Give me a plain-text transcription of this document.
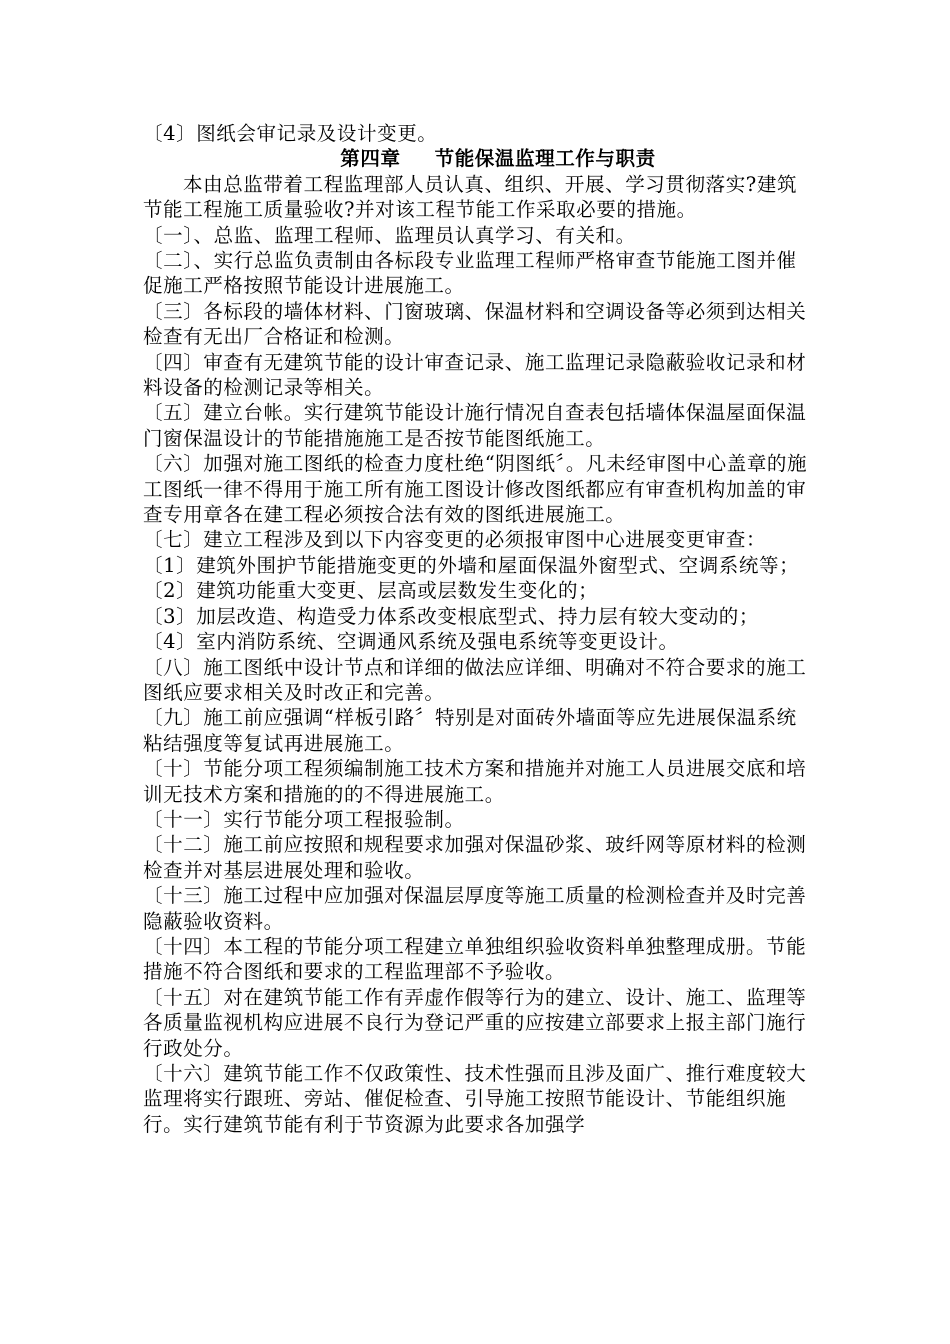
〔4〕图纸会审记录及设计变更。
第四章 节能保温监理工作与职责
本由总监带着工程监理部人员认真、组织、开展、学习贯彻落实?建筑节能工程施工质量验收?并对该工程节能工作采取必要的措施。
〔一〕、总监、监理工程师、监理员认真学习、有关和。
〔二〕、实行总监负责制由各标段专业监理工程师严格审查节能施工图并催促施工严格按照节能设计进展施工。
〔三〕各标段的墙体材料、门窗玻璃、保温材料和空调设备等必须到达相关检查有无出厂合格证和检测。
〔四〕审查有无建筑节能的设计审查记录、施工监理记录隐蔽验收记录和材料设备的检测记录等相关。
〔五〕建立台帐。实行建筑节能设计施行情况自查表包括墙体保温屋面保温门窗保温设计的节能措施施工是否按节能图纸施工。
〔六〕加强对施工图纸的检查力度杜绝“阴图纸〞。凡未经审图中心盖章的施工图纸一律不得用于施工所有施工图设计修改图纸都应有审查机构加盖的审查专用章各在建工程必须按合法有效的图纸进展施工。
〔七〕建立工程涉及到以下内容变更的必须报审图中心进展变更审查：
〔1〕建筑外围护节能措施变更的外墙和屋面保温外窗型式、空调系统等；
〔2〕建筑功能重大变更、层高或层数发生变化的；
〔3〕加层改造、构造受力体系改变根底型式、持力层有较大变动的；
〔4〕室内消防系统、空调通风系统及强电系统等变更设计。
〔八〕施工图纸中设计节点和详细的做法应详细、明确对不符合要求的施工图纸应要求相关及时改正和完善。
〔九〕施工前应强调“样板引路〞特别是对面砖外墙面等应先进展保温系统粘结强度等复试再进展施工。
〔十〕节能分项工程须编制施工技术方案和措施并对施工人员进展交底和培训无技术方案和措施的的不得进展施工。
〔十一〕实行节能分项工程报验制。
〔十二〕施工前应按照和规程要求加强对保温砂浆、玻纤网等原材料的检测检查并对基层进展处理和验收。
〔十三〕施工过程中应加强对保温层厚度等施工质量的检测检查并及时完善隐蔽验收资料。
〔十四〕本工程的节能分项工程建立单独组织验收资料单独整理成册。节能措施不符合图纸和要求的工程监理部不予验收。
〔十五〕对在建筑节能工作有弄虚作假等行为的建立、设计、施工、监理等各质量监视机构应进展不良行为登记严重的应按建立部要求上报主部门施行行政处分。
〔十六〕建筑节能工作不仅政策性、技术性强而且涉及面广、推行难度较大监理将实行跟班、旁站、催促检查、引导施工按照节能设计、节能组织施行。实行建筑节能有利于节资源为此要求各加强学
